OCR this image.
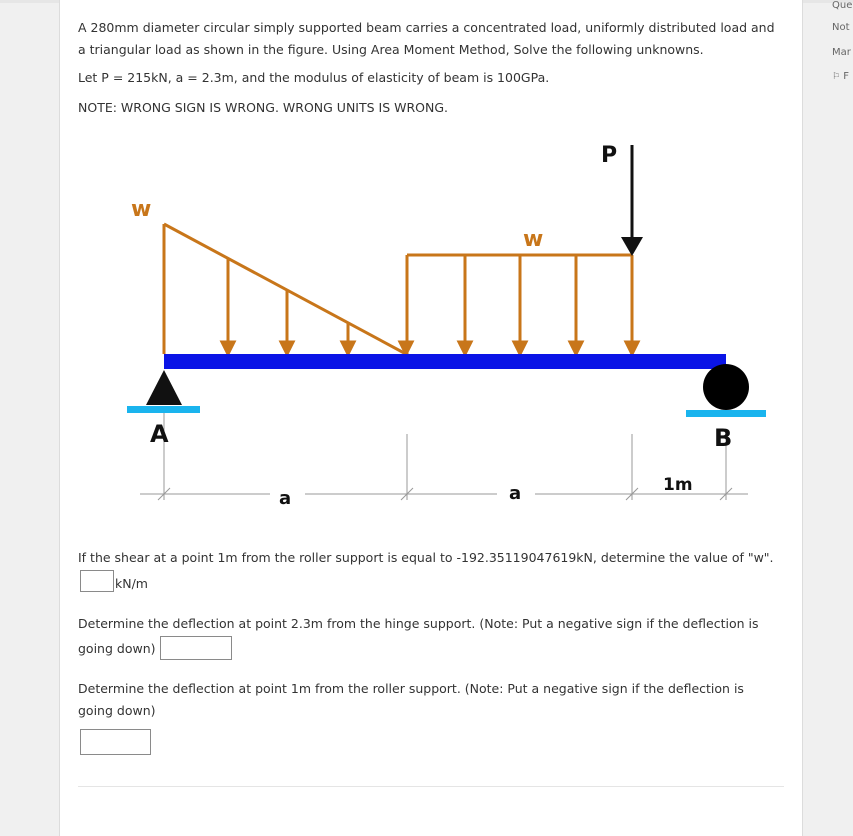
A 280mm diameter circular simply supported beam carries a concentrated load, uniformly distributed load and
a triangular load as shown in the figure. Using Area Moment Method, Solve the following unknowns.
Let P = 215kN, a = 2.3m, and the modulus of elasticity of beam is 100GPa.
NOTE: WRONG SIGN IS WRONG. WRONG UNITS IS WRONG.
w
w
P
A	B
a	a	1m
If the shear at a point 1m from the roller support is equal to -192.35119047619kN, determine the value of "w".
kN/m
Determine the deflection at point 2.3m from the hinge support. (Note: Put a negative sign if the deflection is
going down)
Determine the deflection at point 1m from the roller support. (Note: Put a negative sign if the deflection is
going down)
Que
Not
Mar
⚐ F
